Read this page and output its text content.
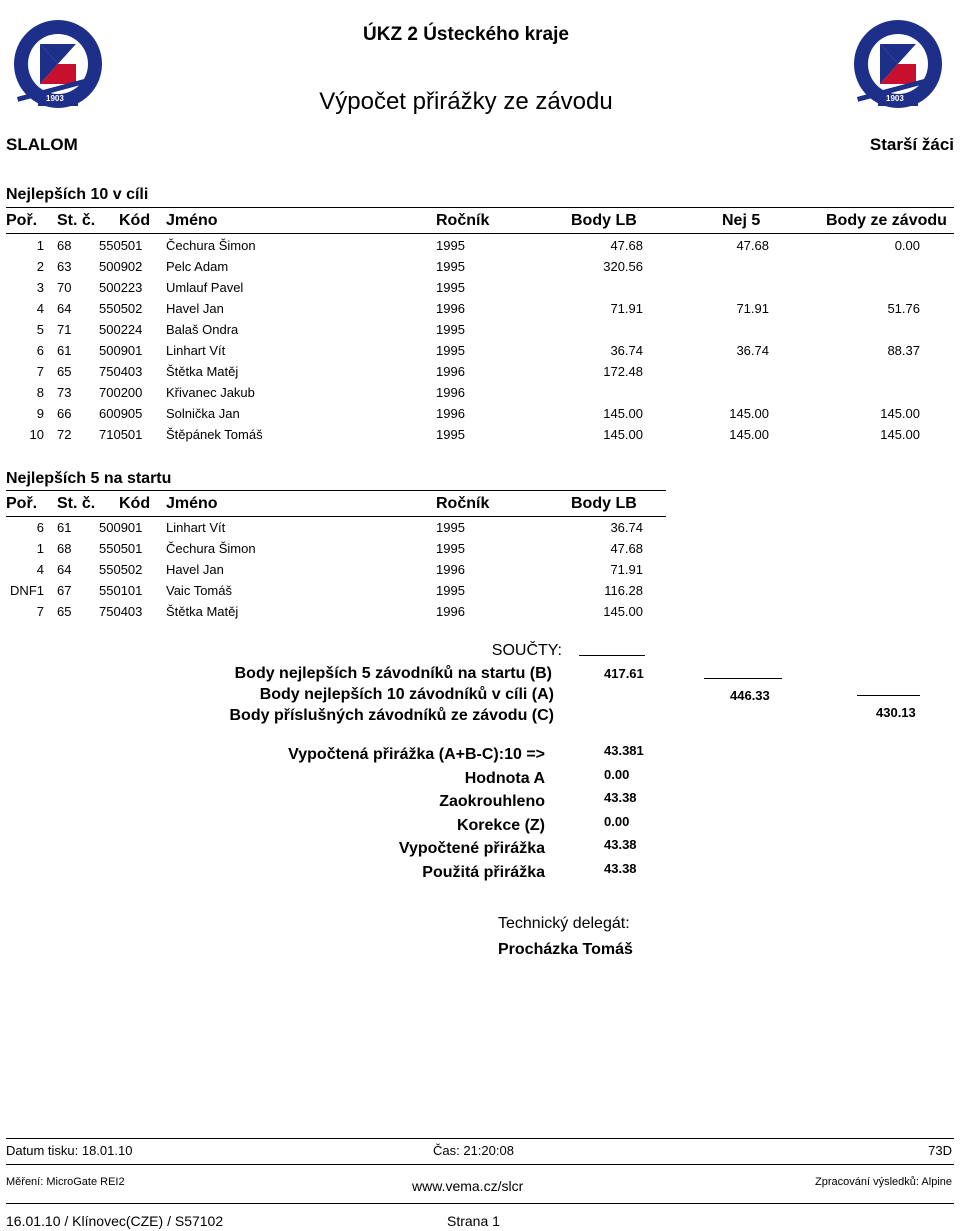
1903	1903
ÚKZ 2 Ústeckého kraje
Výpočet přirážky ze závodu
SLALOM	Starší žáci
Nejlepších 10 v cíli
Poř. St. č. Kód Jméno	Ročník	Body LB	Nej 5	Body ze závodu
1 68 550501 Čechura Šimon	1995	47.68	47.68	0.00
2 63 500902 Pelc Adam	1995	320.56
3 70 500223 Umlauf Pavel	1995
4 64 550502 Havel Jan	1996	71.91	71.91	51.76
5 71 500224 Balaš Ondra	1995
6 61 500901 Linhart Vít	1995	36.74	36.74	88.37
7 65 750403 Štětka Matěj	1996	172.48
8 73 700200 Křivanec Jakub	1996
9 66 600905 Solnička Jan	1996	145.00	145.00	145.00
10 72 710501 Štěpánek Tomáš	1995	145.00	145.00	145.00
Nejlepších 5 na startu
Poř. St. č. Kód Jméno	Ročník	Body LB
6 61 500901 Linhart Vít	1995	36.74
1 68 550501 Čechura Šimon	1995	47.68
4 64 550502 Havel Jan	1996	71.91
DNF1 67 550101 Vaic Tomáš	1995	116.28
7 65 750403 Štětka Matěj	1996	145.00
SOUČTY:
Body nejlepších 5 závodníků na startu (B)	417.61
Body nejlepších 10 závodníků v cíli (A)	446.33
Body příslušných závodníků ze závodu (C)	430.13
Vypočtená přirážka (A+B-C):10 =>	43.381
Hodnota A	0.00
Zaokrouhleno	43.38
Korekce (Z)	0.00
Vypočtené přirážka	43.38
Použitá přirážka	43.38
Technický delegát:
Procházka Tomáš
Datum tisku: 18.01.10	Čas: 21:20:08	73D
Měření: MicroGate REI2	www.vema.cz/slcr	Zpracování výsledků: Alpine
16.01.10 / Klínovec(CZE) / S57102	Strana 1
